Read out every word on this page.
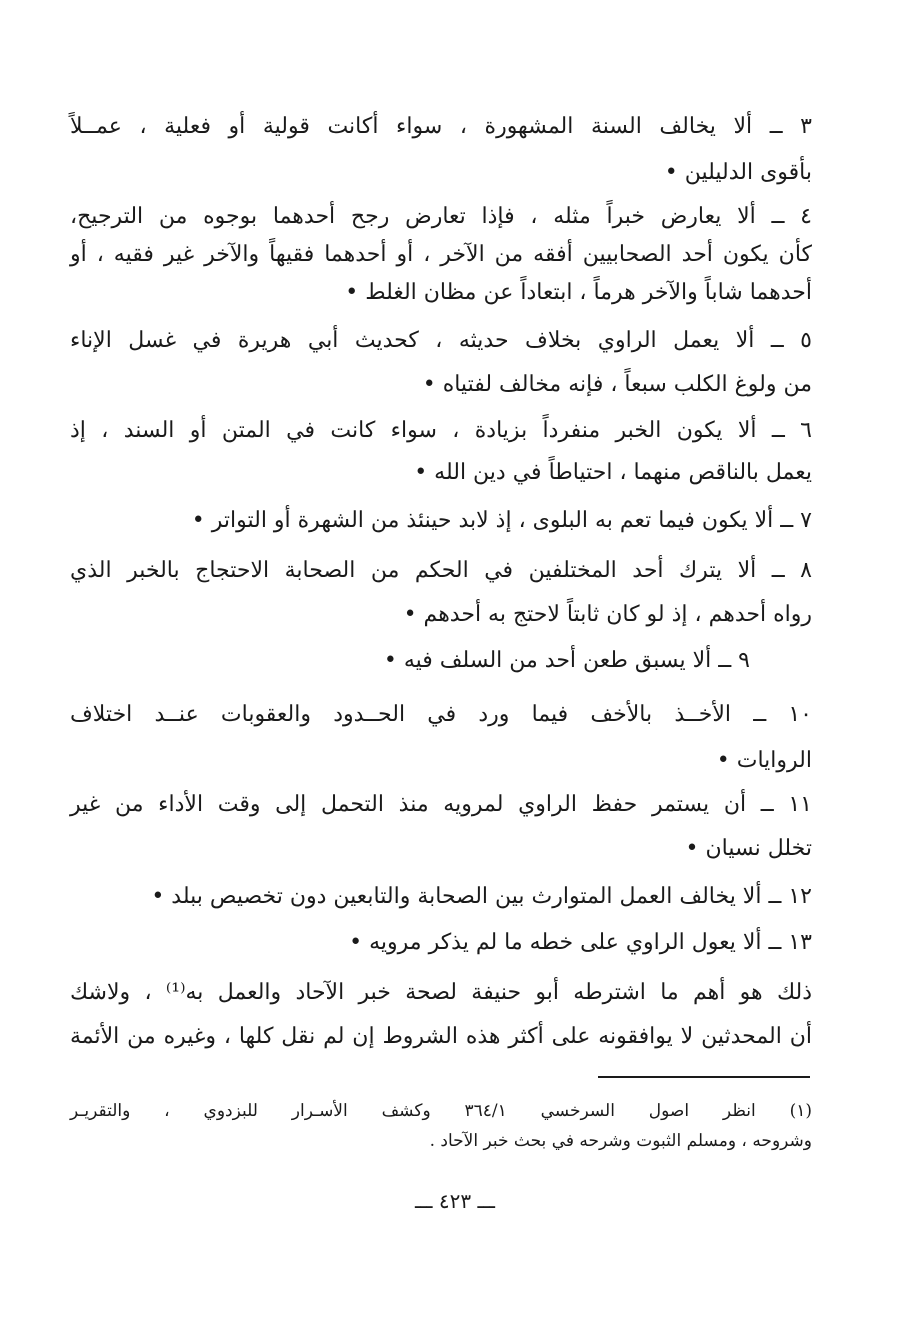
٣ ــ ألا يخالف السنة المشهورة ، سواء أكانت قولية أو فعلية ، عمــلاً
بأقوى الدليلين •
٤ ــ ألا يعارض خبراً مثله ، فإذا تعارض رجح أحدهما بوجوه من الترجيح،
كأن يكون أحد الصحابيين أفقه من الآخر ، أو أحدهما فقيهاً والآخر غير فقيه ، أو
أحدهما شاباً والآخر هرماً ، ابتعاداً عن مظان الغلط •
٥ ــ ألا يعمل الراوي بخلاف حديثه ، كحديث أبي هريرة في غسل الإناء
من ولوغ الكلب سبعاً ، فإنه مخالف لفتياه •
٦ ــ ألا يكون الخبر منفرداً بزيادة ، سواء كانت في المتن أو السند ، إذ
يعمل بالناقص منهما ، احتياطاً في دين الله •
٧ ــ ألا يكون فيما تعم به البلوى ، إذ لابد حينئذ من الشهرة أو التواتر •
٨ ــ ألا يترك أحد المختلفين في الحكم من الصحابة الاحتجاج بالخبر الذي
رواه أحدهم ، إذ لو كان ثابتاً لاحتج به أحدهم •
٩ ــ ألا يسبق طعن أحد من السلف فيه •
١٠ ــ الأخــذ بالأخف فيما ورد في الحــدود والعقوبات عنــد اختلاف
الروايات •
١١ ــ أن يستمر حفظ الراوي لمرويه منذ التحمل إلى وقت الأداء من غير
تخلل نسيان •
١٢ ــ ألا يخالف العمل المتوارث بين الصحابة والتابعين دون تخصيص ببلد •
١٣ ــ ألا يعول الراوي على خطه ما لم يذكر مرويه •
ذلك هو أهم ما اشترطه أبو حنيفة لصحة خبر الآحاد والعمل به⁽¹⁾ ، ولاشك
أن المحدثين لا يوافقونه على أكثر هذه الشروط إن لم نقل كلها ، وغيره من الأئمة
(١) انظر اصول السرخسي ٣٦٤/١ وكشف الأسـرار للبزدوي ، والتقريـر
وشروحه ، ومسلم الثبوت وشرحه في بحث خبر الآحاد .
ـــ ٤٢٣ ـــ
